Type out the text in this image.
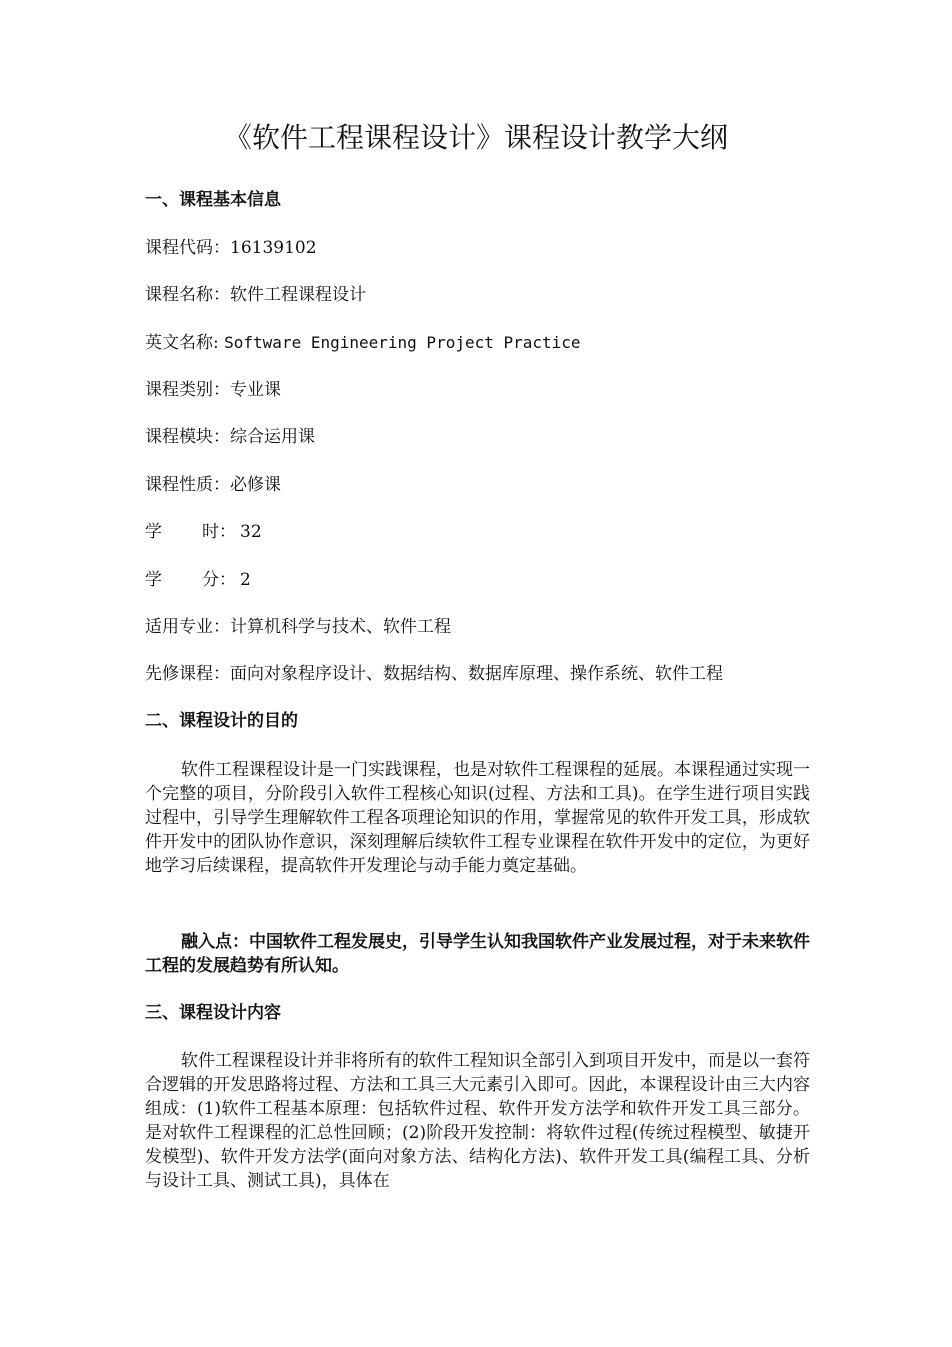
《软件工程课程设计》课程设计教学大纲
一、课程基本信息
课程代码：16139102
课程名称：软件工程课程设计
英文名称: Software Engineering Project Practice
课程类别：专业课
课程模块：综合运用课
课程性质：必修课
学 时： 32
学 分： 2
适用专业：计算机科学与技术、软件工程
先修课程：面向对象程序设计、数据结构、数据库原理、操作系统、软件工程
二、课程设计的目的

软件工程课程设计是一门实践课程，也是对软件工程课程的延展。本课程通过实现一个完整的项目，分阶段引入软件工程核心知识(过程、方法和工具)。在学生进行项目实践过程中，引导学生理解软件工程各项理论知识的作用，掌握常见的软件开发工具，形成软件开发中的团队协作意识，深刻理解后续软件工程专业课程在软件开发中的定位，为更好地学习后续课程，提高软件开发理论与动手能力奠定基础。

融入点：中国软件工程发展史，引导学生认知我国软件产业发展过程，对于未来软件工程的发展趋势有所认知。

三、课程设计内容

软件工程课程设计并非将所有的软件工程知识全部引入到项目开发中，而是以一套符合逻辑的开发思路将过程、方法和工具三大元素引入即可。因此，本课程设计由三大内容组成：(1)软件工程基本原理：包括软件过程、软件开发方法学和软件开发工具三部分。是对软件工程课程的汇总性回顾；(2)阶段开发控制：将软件过程(传统过程模型、敏捷开发模型)、软件开发方法学(面向对象方法、结构化方法)、软件开发工具(编程工具、分析与设计工具、测试工具)，具体在
